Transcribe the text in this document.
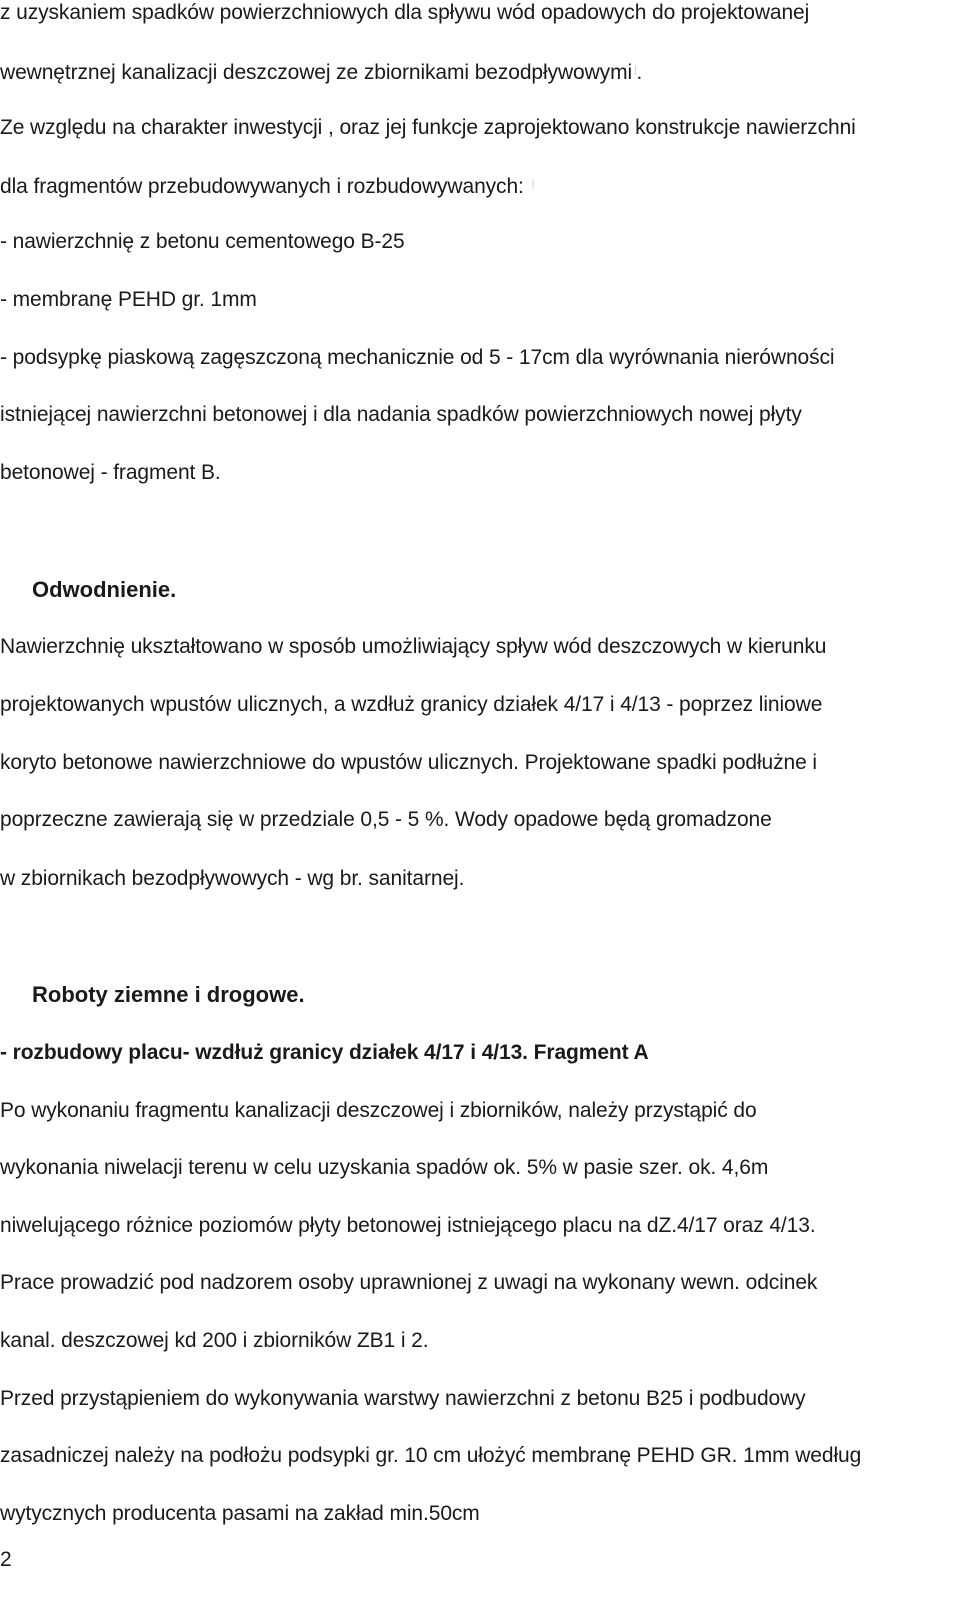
z uzyskaniem spadków powierzchniowych dla spływu wód opadowych do projektowanej
wewnętrznej kanalizacji deszczowej ze zbiornikami bezodpływowymi |.
Ze względu na charakter inwestycji , oraz jej funkcje zaprojektowano konstrukcje nawierzchni
dla fragmentów przebudowywanych i rozbudowywanych: |
- nawierzchnię z betonu cementowego B-25
- membranę PEHD gr. 1mm
- podsypkę piaskową zagęszczoną mechanicznie od 5 - 17cm dla wyrównania nierówności
istniejącej nawierzchni betonowej i dla nadania spadków powierzchniowych nowej płyty
betonowej - fragment B.
Odwodnienie.
Nawierzchnię ukształtowano w sposób umożliwiający spływ wód deszczowych w kierunku
projektowanych wpustów ulicznych, a wzdłuż granicy działek 4/17 i 4/13 - poprzez liniowe
koryto betonowe nawierzchniowe do wpustów ulicznych. Projektowane spadki podłużne i
poprzeczne zawierają się w przedziale 0,5 - 5 %. Wody opadowe będą gromadzone
w zbiornikach bezodpływowych - wg br. sanitarnej.
Roboty ziemne i drogowe.
- rozbudowy placu- wzdłuż granicy działek 4/17 i 4/13. Fragment A
Po wykonaniu fragmentu kanalizacji deszczowej i zbiorników, należy przystąpić do
wykonania niwelacji terenu w celu uzyskania spadów ok. 5% w pasie szer. ok. 4,6m
niwelującego różnice poziomów płyty betonowej istniejącego placu na dZ.4/17 oraz 4/13.
Prace prowadzić pod nadzorem osoby uprawnionej z uwagi na wykonany wewn. odcinek
kanal. deszczowej kd 200 i zbiorników ZB1 i 2.
Przed przystąpieniem do wykonywania warstwy nawierzchni z betonu B25 i podbudowy
zasadniczej należy na podłożu podsypki gr. 10 cm ułożyć membranę PEHD GR. 1mm według
wytycznych producenta pasami na zakład min.50cm
2
